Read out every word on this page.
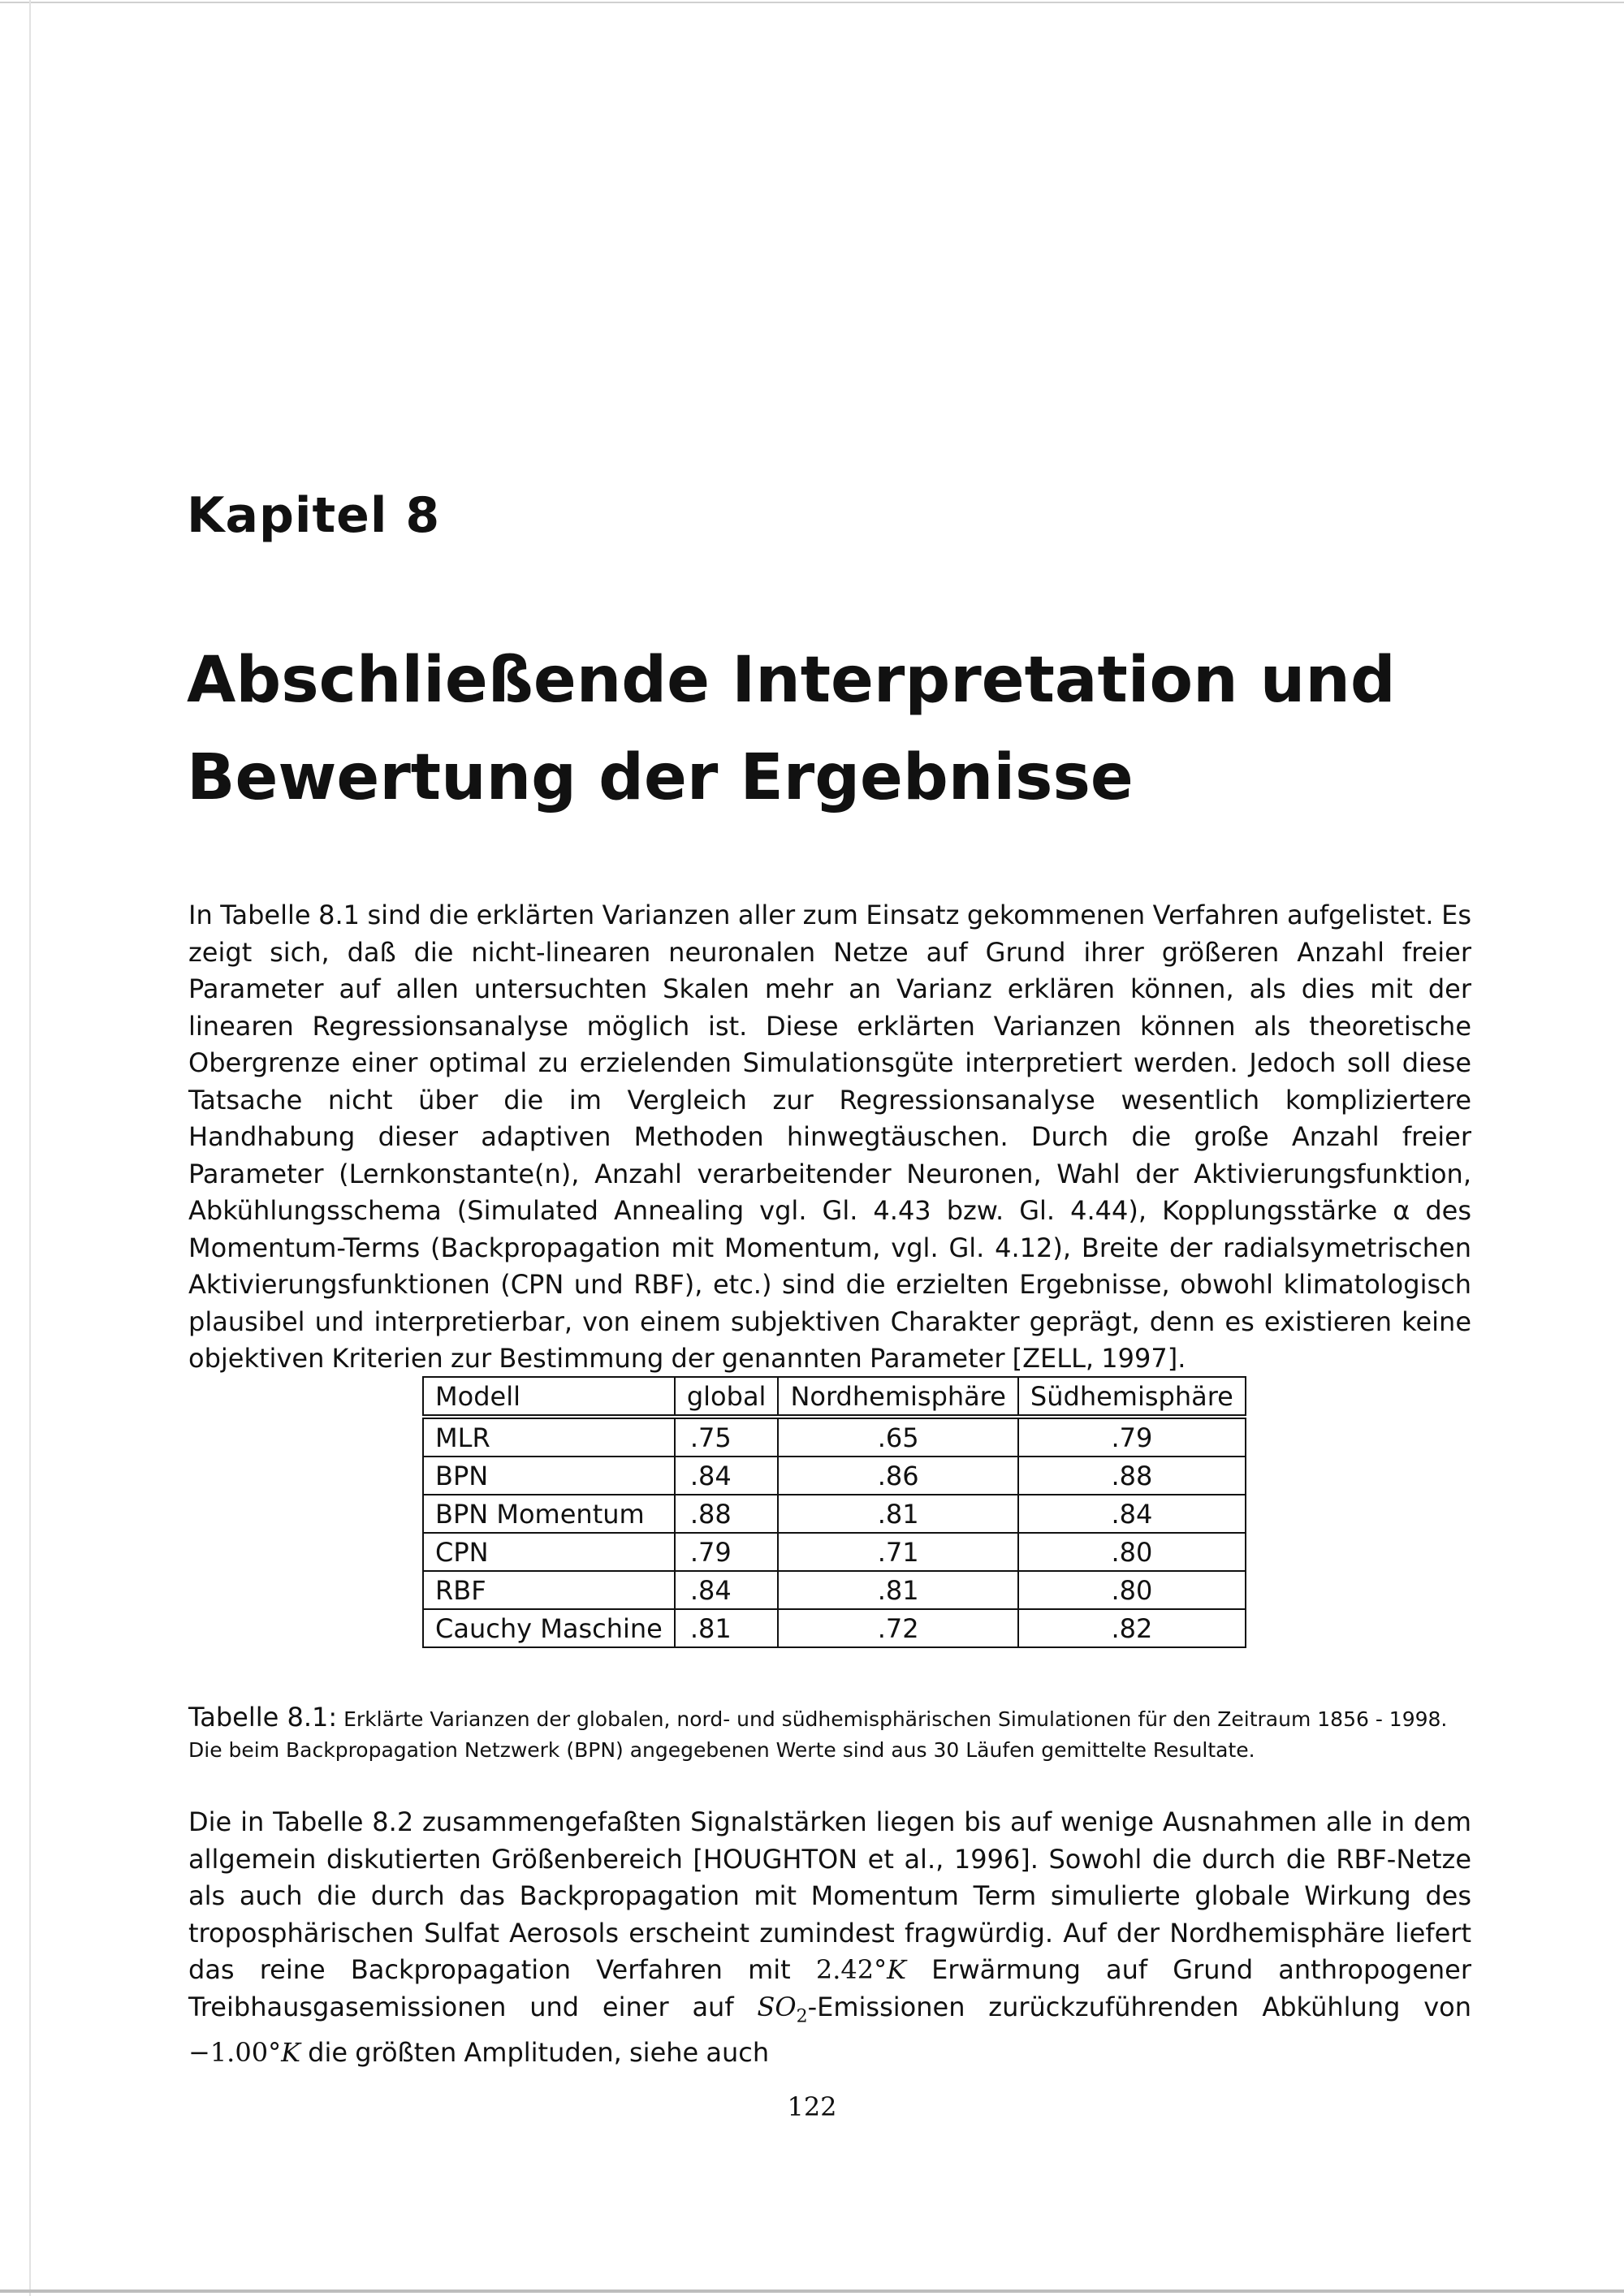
Kapitel 8
Abschließende Interpretation und
Bewertung der Ergebnisse

In Tabelle 8.1 sind die erklärten Varianzen aller zum Einsatz gekommenen Verfahren aufgelistet. Es zeigt sich, daß die nicht-linearen neuronalen Netze auf Grund ihrer größeren Anzahl freier Parameter auf allen untersuchten Skalen mehr an Varianz erklären können, als dies mit der linearen Regressionsanalyse möglich ist. Diese erklärten Varianzen können als theoretische Obergrenze einer optimal zu erzielenden Simulationsgüte interpretiert werden. Jedoch soll diese Tatsache nicht über die im Vergleich zur Regressionsanalyse wesentlich kompliziertere Handhabung dieser adaptiven Methoden hinwegtäuschen. Durch die große Anzahl freier Parameter (Lernkonstante(n), Anzahl verarbeitender Neuronen, Wahl der Aktivierungsfunktion, Abkühlungsschema (Simulated Annealing vgl. Gl. 4.43 bzw. Gl. 4.44), Kopplungsstärke α des Momentum-Terms (Backpropagation mit Momentum, vgl. Gl. 4.12), Breite der radialsymetrischen Aktivierungsfunktionen (CPN und RBF), etc.) sind die erzielten Ergebnisse, obwohl klimatologisch plausibel und interpretierbar, von einem subjektiven Charakter geprägt, denn es existieren keine objektiven Kriterien zur Bestimmung der genannten Parameter [ZELL, 1997].

Modell	global	Nordhemisphäre	Südhemisphäre
MLR	.75	.65	.79
BPN	.84	.86	.88
BPN Momentum	.88	.81	.84
CPN	.79	.71	.80
RBF	.84	.81	.80
Cauchy Maschine	.81	.72	.82
Tabelle 8.1: Erklärte Varianzen der globalen, nord- und südhemisphärischen Simulationen für den Zeitraum 1856 - 1998.
Die beim Backpropagation Netzwerk (BPN) angegebenen Werte sind aus 30 Läufen gemittelte Resultate.

Die in Tabelle 8.2 zusammengefaßten Signalstärken liegen bis auf wenige Ausnahmen alle in dem allgemein diskutierten Größenbereich [HOUGHTON et al., 1996]. Sowohl die durch die RBF-Netze als auch die durch das Backpropagation mit Momentum Term simulierte globale Wirkung des troposphärischen Sulfat Aerosols erscheint zumindest fragwürdig. Auf der Nordhemisphäre liefert das reine Backpropagation Verfahren mit 2.42°K Erwärmung auf Grund anthropogener Treibhausgasemissionen und einer auf $SO_2$-Emissionen zurückzuführenden Abkühlung von −1.00°K die größten Amplituden, siehe auch

122
